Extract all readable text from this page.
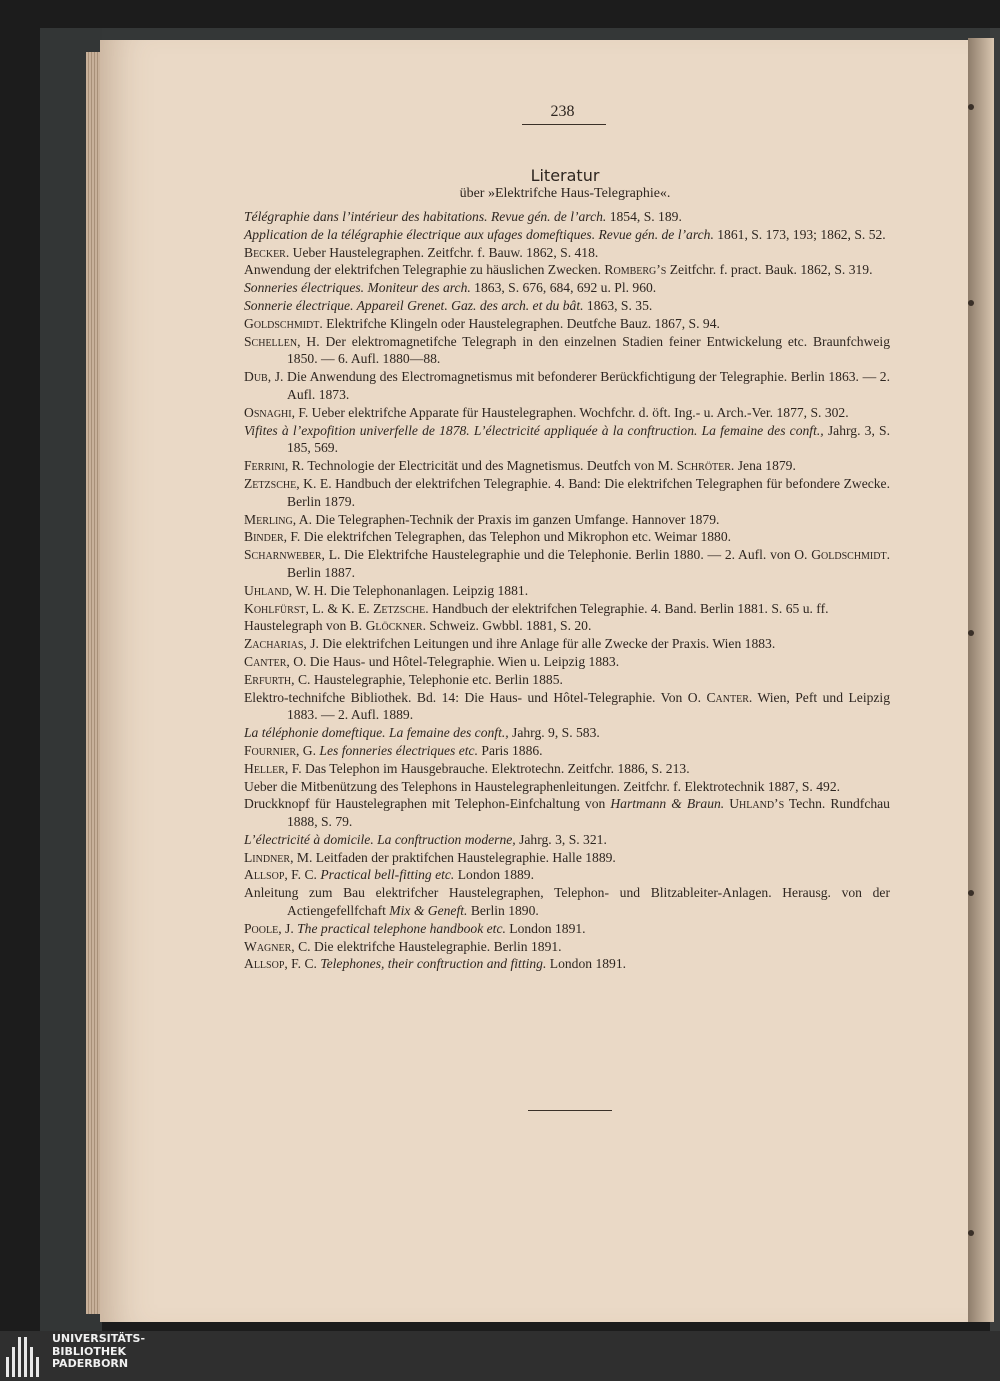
238
Literatur
über »Elektrifche Haus-Telegraphie«.

Télégraphie dans l’intérieur des habitations. Revue gén. de l’arch. 1854, S. 189.

Application de la télégraphie électrique aux ufages domeftiques. Revue gén. de l’arch. 1861, S. 173, 193; 1862, S. 52.

Becker. Ueber Haustelegraphen. Zeitfchr. f. Bauw. 1862, S. 418.

Anwendung der elektrifchen Telegraphie zu häuslichen Zwecken. Romberg’s Zeitfchr. f. pract. Bauk. 1862, S. 319.

Sonneries électriques. Moniteur des arch. 1863, S. 676, 684, 692 u. Pl. 960.

Sonnerie électrique. Appareil Grenet. Gaz. des arch. et du bât. 1863, S. 35.

Goldschmidt. Elektrifche Klingeln oder Haustelegraphen. Deutfche Bauz. 1867, S. 94.

Schellen, H. Der elektromagnetifche Telegraph in den einzelnen Stadien feiner Entwickelung etc. Braunfchweig 1850. — 6. Aufl. 1880—88.

Dub, J. Die Anwendung des Electromagnetismus mit befonderer Berückfichtigung der Telegraphie. Berlin 1863. — 2. Aufl. 1873.

Osnaghi, F. Ueber elektrifche Apparate für Haustelegraphen. Wochfchr. d. öft. Ing.- u. Arch.-Ver. 1877, S. 302.

Vifites à l’expofition univerfelle de 1878. L’électricité appliquée à la conftruction. La femaine des conft., Jahrg. 3, S. 185, 569.

Ferrini, R. Technologie der Electricität und des Magnetismus. Deutfch von M. Schröter. Jena 1879.

Zetzsche, K. E. Handbuch der elektrifchen Telegraphie. 4. Band: Die elektrifchen Telegraphen für befondere Zwecke. Berlin 1879.

Merling, A. Die Telegraphen-Technik der Praxis im ganzen Umfange. Hannover 1879.

Binder, F. Die elektrifchen Telegraphen, das Telephon und Mikrophon etc. Weimar 1880.

Scharnweber, L. Die Elektrifche Haustelegraphie und die Telephonie. Berlin 1880. — 2. Aufl. von O. Goldschmidt. Berlin 1887.

Uhland, W. H. Die Telephonanlagen. Leipzig 1881.

Kohlfürst, L. & K. E. Zetzsche. Handbuch der elektrifchen Telegraphie. 4. Band. Berlin 1881. S. 65 u. ff.

Haustelegraph von B. Glöckner. Schweiz. Gwbbl. 1881, S. 20.

Zacharias, J. Die elektrifchen Leitungen und ihre Anlage für alle Zwecke der Praxis. Wien 1883.

Canter, O. Die Haus- und Hôtel-Telegraphie. Wien u. Leipzig 1883.

Erfurth, C. Haustelegraphie, Telephonie etc. Berlin 1885.

Elektro-technifche Bibliothek. Bd. 14: Die Haus- und Hôtel-Telegraphie. Von O. Canter. Wien, Peft und Leipzig 1883. — 2. Aufl. 1889.

La téléphonie domeftique. La femaine des conft., Jahrg. 9, S. 583.

Fournier, G. Les fonneries électriques etc. Paris 1886.

Heller, F. Das Telephon im Hausgebrauche. Elektrotechn. Zeitfchr. 1886, S. 213.

Ueber die Mitbenützung des Telephons in Haustelegraphenleitungen. Zeitfchr. f. Elektrotechnik 1887, S. 492.

Druckknopf für Haustelegraphen mit Telephon-Einfchaltung von Hartmann & Braun. Uhland’s Techn. Rundfchau 1888, S. 79.

L’électricité à domicile. La conftruction moderne, Jahrg. 3, S. 321.

Lindner, M. Leitfaden der praktifchen Haustelegraphie. Halle 1889.

Allsop, F. C. Practical bell-fitting etc. London 1889.

Anleitung zum Bau elektrifcher Haustelegraphen, Telephon- und Blitzableiter-Anlagen. Herausg. von der Actiengefellfchaft Mix & Geneft. Berlin 1890.

Poole, J. The practical telephone handbook etc. London 1891.

Wagner, C. Die elektrifche Haustelegraphie. Berlin 1891.

Allsop, F. C. Telephones, their conftruction and fitting. London 1891.

UNIVERSITÄTS-
BIBLIOTHEK
PADERBORN
